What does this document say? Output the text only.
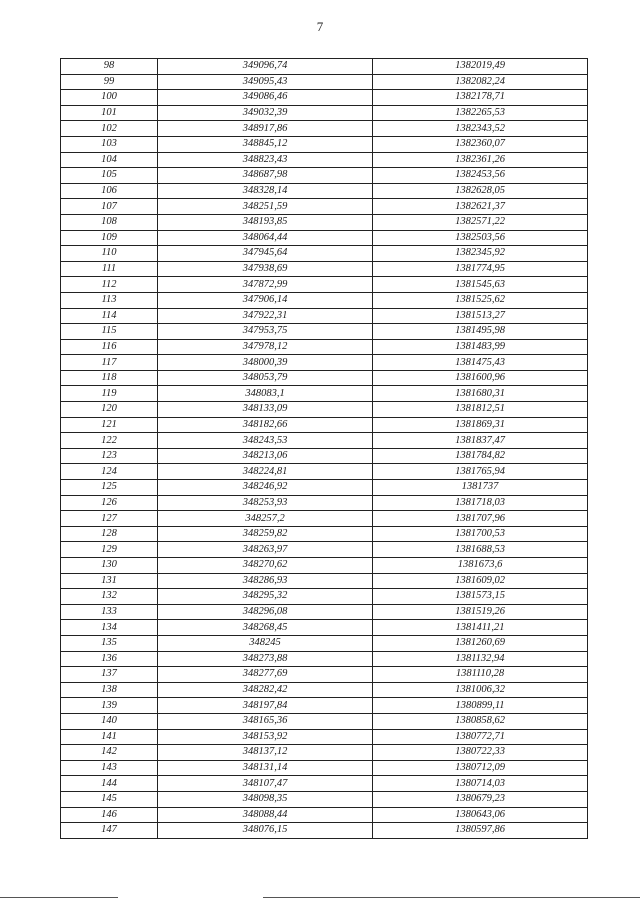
7
98	349096,74	1382019,49
99	349095,43	1382082,24
100	349086,46	1382178,71
101	349032,39	1382265,53
102	348917,86	1382343,52
103	348845,12	1382360,07
104	348823,43	1382361,26
105	348687,98	1382453,56
106	348328,14	1382628,05
107	348251,59	1382621,37
108	348193,85	1382571,22
109	348064,44	1382503,56
110	347945,64	1382345,92
111	347938,69	1381774,95
112	347872,99	1381545,63
113	347906,14	1381525,62
114	347922,31	1381513,27
115	347953,75	1381495,98
116	347978,12	1381483,99
117	348000,39	1381475,43
118	348053,79	1381600,96
119	348083,1	1381680,31
120	348133,09	1381812,51
121	348182,66	1381869,31
122	348243,53	1381837,47
123	348213,06	1381784,82
124	348224,81	1381765,94
125	348246,92	1381737
126	348253,93	1381718,03
127	348257,2	1381707,96
128	348259,82	1381700,53
129	348263,97	1381688,53
130	348270,62	1381673,6
131	348286,93	1381609,02
132	348295,32	1381573,15
133	348296,08	1381519,26
134	348268,45	1381411,21
135	348245	1381260,69
136	348273,88	1381132,94
137	348277,69	1381110,28
138	348282,42	1381006,32
139	348197,84	1380899,11
140	348165,36	1380858,62
141	348153,92	1380772,71
142	348137,12	1380722,33
143	348131,14	1380712,09
144	348107,47	1380714,03
145	348098,35	1380679,23
146	348088,44	1380643,06
147	348076,15	1380597,86
